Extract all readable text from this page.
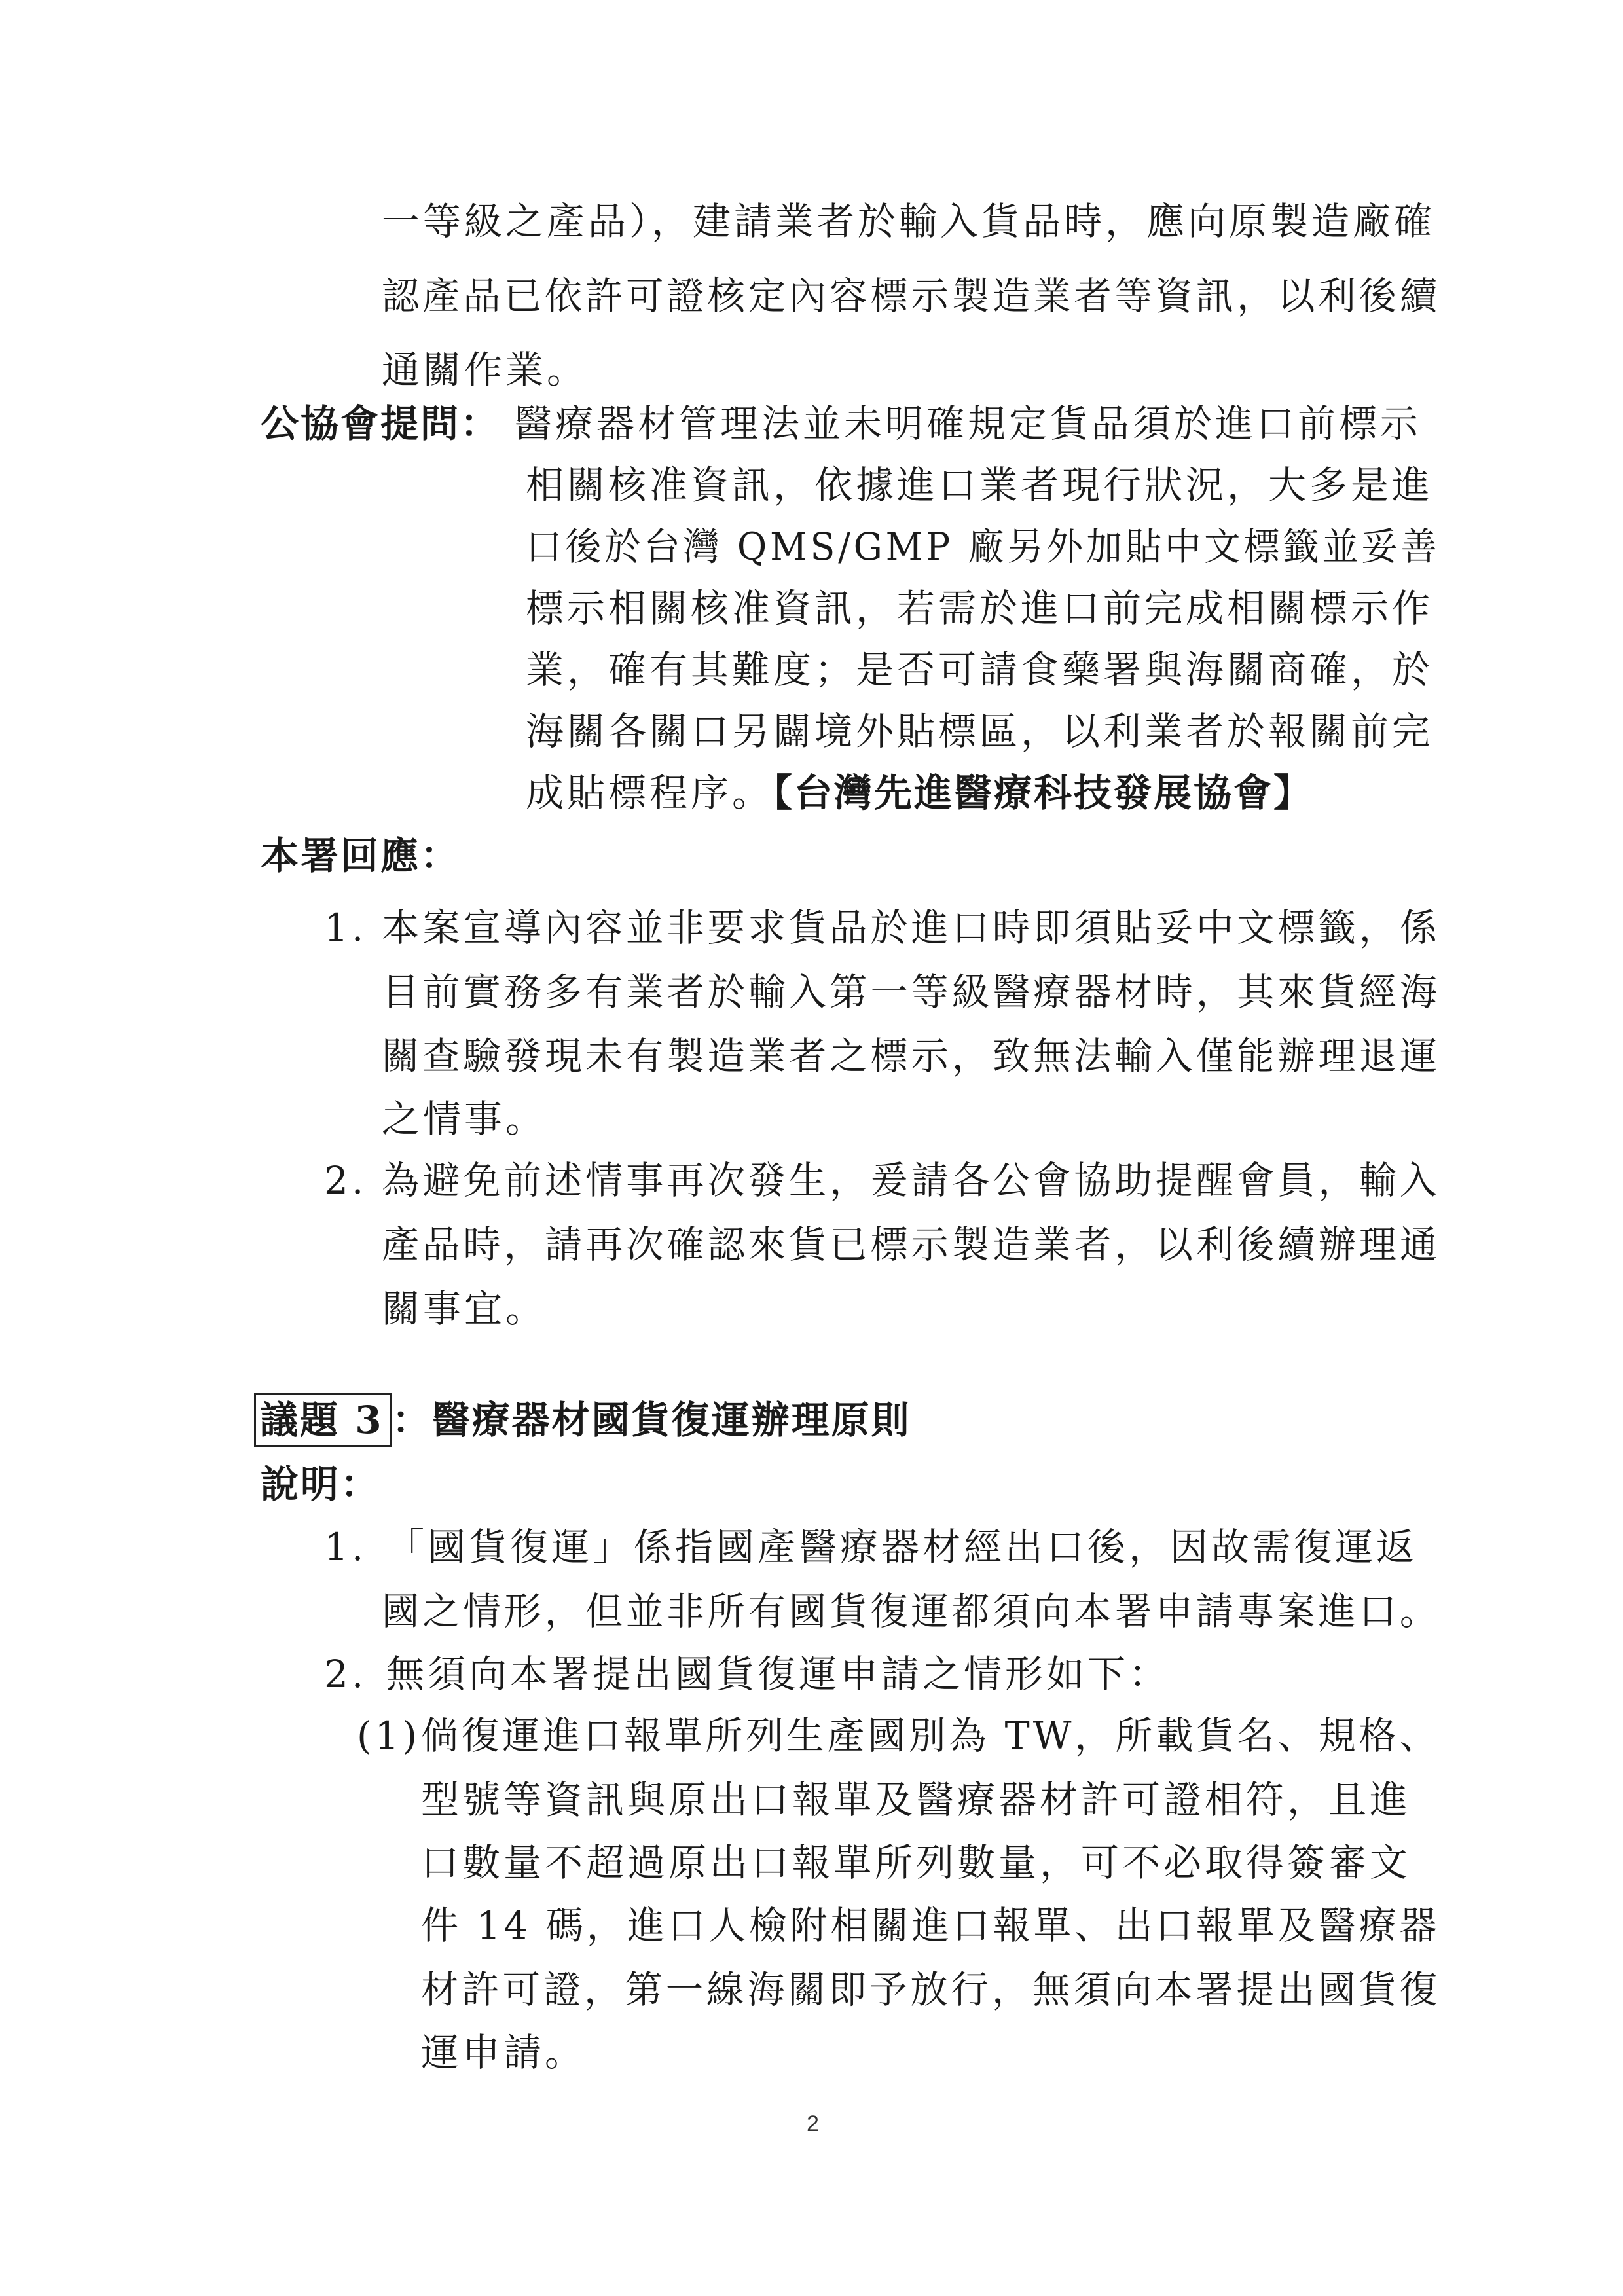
一等級之產品），建請業者於輸入貨品時，應向原製造廠確
認產品已依許可證核定內容標示製造業者等資訊，以利後續
通關作業。
公協會提問： 醫療器材管理法並未明確規定貨品須於進口前標示
相關核准資訊，依據進口業者現行狀況，大多是進
口後於台灣 QMS/GMP 廠另外加貼中文標籤並妥善
標示相關核准資訊，若需於進口前完成相關標示作
業，確有其難度；是否可請食藥署與海關商確，於
海關各關口另闢境外貼標區，以利業者於報關前完
成貼標程序。【台灣先進醫療科技發展協會】
本署回應：
1. 本案宣導內容並非要求貨品於進口時即須貼妥中文標籤，係
目前實務多有業者於輸入第一等級醫療器材時，其來貨經海
關查驗發現未有製造業者之標示，致無法輸入僅能辦理退運
之情事。
2. 為避免前述情事再次發生，爰請各公會協助提醒會員，輸入
產品時，請再次確認來貨已標示製造業者，以利後續辦理通
關事宜。
議題 3 ：醫療器材國貨復運辦理原則
說明：
1. 「國貨復運」係指國產醫療器材經出口後，因故需復運返
國之情形，但並非所有國貨復運都須向本署申請專案進口。
2. 無須向本署提出國貨復運申請之情形如下：
(1) 倘復運進口報單所列生產國別為 TW，所載貨名、規格、
型號等資訊與原出口報單及醫療器材許可證相符，且進
口數量不超過原出口報單所列數量，可不必取得簽審文
件 14 碼，進口人檢附相關進口報單、出口報單及醫療器
材許可證，第一線海關即予放行，無須向本署提出國貨復
運申請。
2
